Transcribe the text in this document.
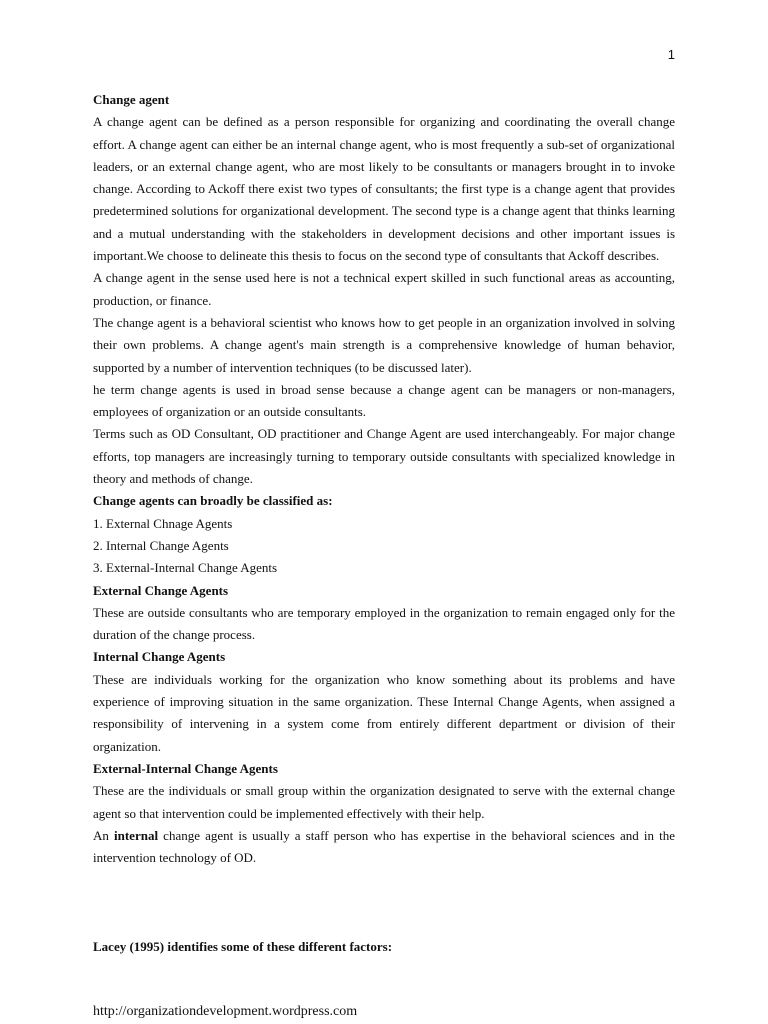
1

Change agent

A change agent can be defined as a person responsible for organizing and coordinating the overall change effort. A change agent can either be an internal change agent, who is most frequently a sub-set of organizational leaders, or an external change agent, who are most likely to be consultants or managers brought in to invoke change. According to Ackoff there exist two types of consultants; the first type is a change agent that provides predetermined solutions for organizational development. The second type is a change agent that thinks learning and a mutual understanding with the stakeholders in development decisions and other important issues is important.We choose to delineate this thesis to focus on the second type of consultants that Ackoff describes.

A change agent in the sense used here is not a technical expert skilled in such functional areas as accounting, production, or finance.

The change agent is a behavioral scientist who knows how to get people in an organization involved in solving their own problems. A change agent's main strength is a comprehensive knowledge of human behavior, supported by a number of intervention techniques (to be discussed later).

he term change agents is used in broad sense because a change agent can be managers or non-managers, employees of organization or an outside consultants.

Terms such as OD Consultant, OD practitioner and Change Agent are used interchangeably. For major change efforts, top managers are increasingly turning to temporary outside consultants with specialized knowledge in theory and methods of change.

Change agents can broadly be classified as:

1. External Chnage Agents

2. Internal Change Agents

3. External-Internal Change Agents

External Change Agents

These are outside consultants who are temporary employed in the organization to remain engaged only for the duration of the change process.

Internal Change Agents

These are individuals working for the organization who know something about its problems and have experience of improving situation in the same organization. These Internal Change Agents, when assigned a responsibility of intervening in a system come from entirely different department or division of their organization.

External-Internal Change Agents

These are the individuals or small group within the organization designated to serve with the external change agent so that intervention could be implemented effectively with their help.

An internal change agent is usually a staff person who has expertise in the behavioral sciences and in the intervention technology of OD.

Lacey (1995) identifies some of these different factors:

http://organizationdevelopment.wordpress.com
